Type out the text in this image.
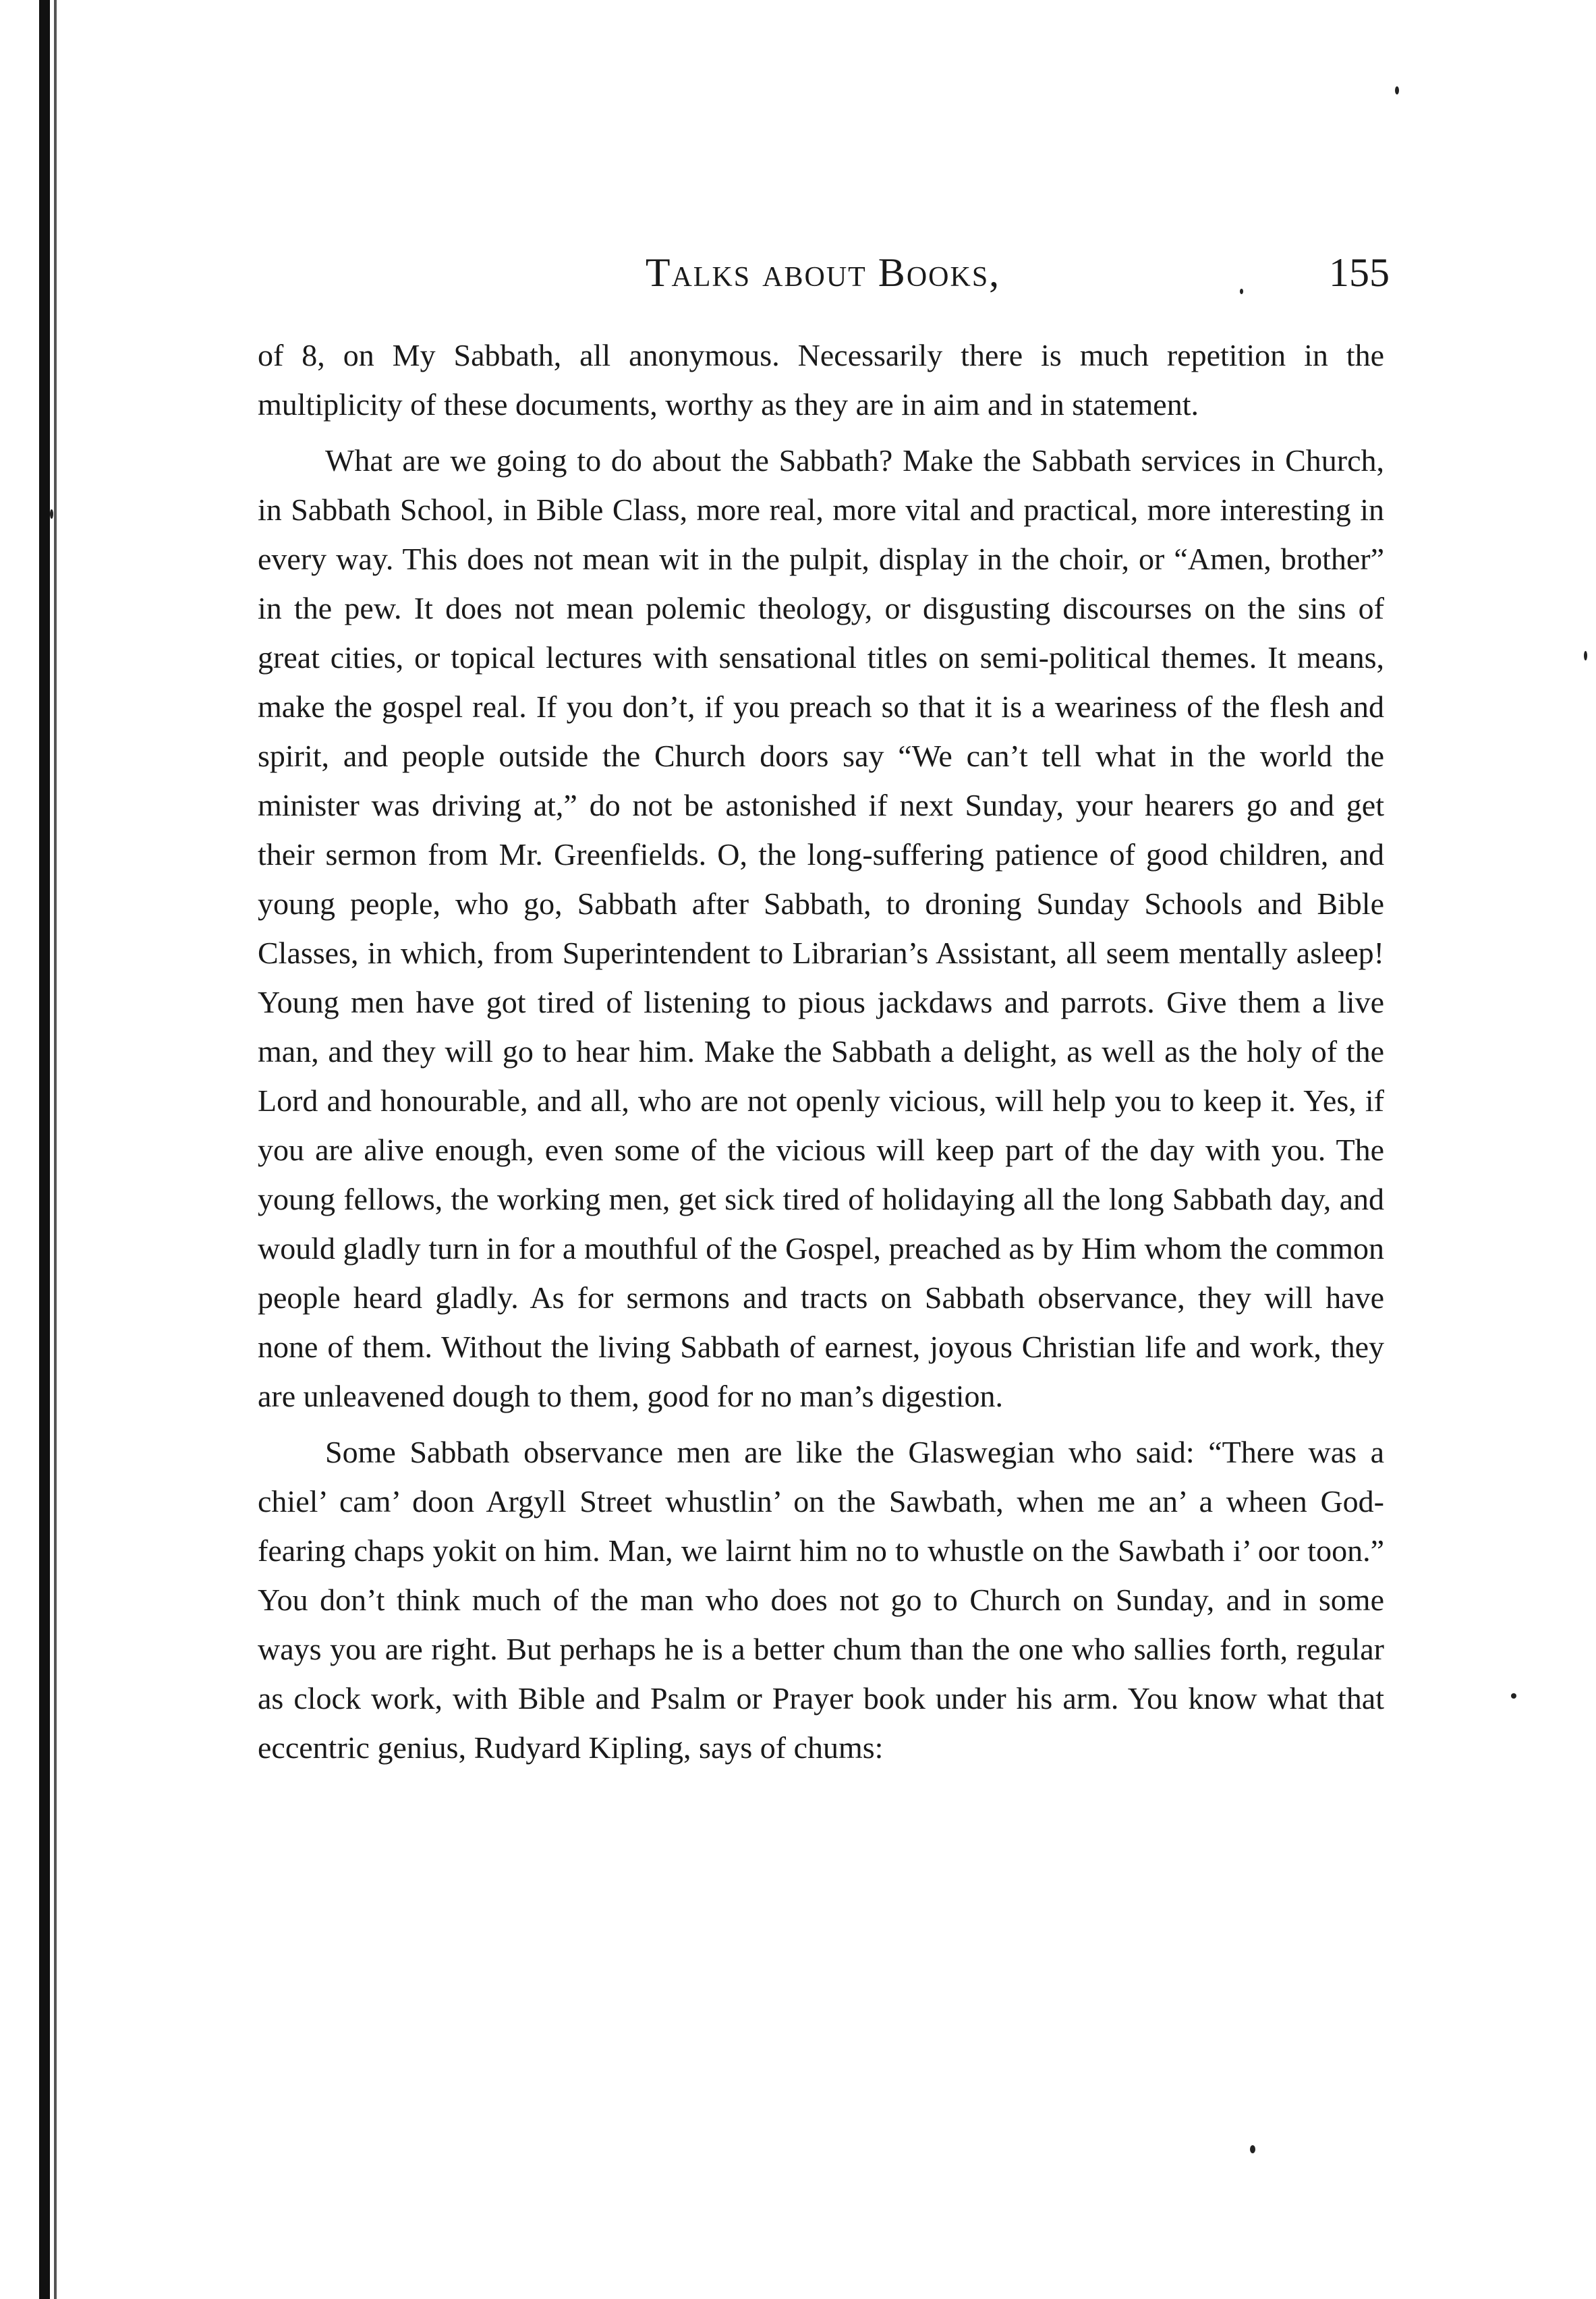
Talks about Books,	155

of 8, on My Sabbath, all anonymous. Necessarily there is much repetition in the multiplicity of these documents, worthy as they are in aim and in statement.

What are we going to do about the Sabbath? Make the Sabbath services in Church, in Sabbath School, in Bible Class, more real, more vital and practical, more interesting in every way. This does not mean wit in the pulpit, display in the choir, or “Amen, brother” in the pew. It does not mean polemic theology, or disgusting discourses on the sins of great cities, or topical lectures with sensational titles on semi-political themes. It means, make the gospel real. If you don’t, if you preach so that it is a weariness of the flesh and spirit, and people outside the Church doors say “We can’t tell what in the world the minister was driving at,” do not be astonished if next Sunday, your hearers go and get their sermon from Mr. Greenfields. O, the long-suffering patience of good children, and young people, who go, Sabbath after Sabbath, to droning Sunday Schools and Bible Classes, in which, from Superintendent to Librarian’s Assistant, all seem mentally asleep! Young men have got tired of listening to pious jackdaws and parrots. Give them a live man, and they will go to hear him. Make the Sabbath a delight, as well as the holy of the Lord and honourable, and all, who are not openly vicious, will help you to keep it. Yes, if you are alive enough, even some of the vicious will keep part of the day with you. The young fellows, the working men, get sick tired of holidaying all the long Sabbath day, and would gladly turn in for a mouthful of the Gospel, preached as by Him whom the common people heard gladly. As for sermons and tracts on Sabbath observance, they will have none of them. Without the living Sabbath of earnest, joyous Christian life and work, they are unleavened dough to them, good for no man’s digestion.

Some Sabbath observance men are like the Glaswegian who said: “There was a chiel’ cam’ doon Argyll Street whustlin’ on the Sawbath, when me an’ a wheen God-fearing chaps yokit on him. Man, we lairnt him no to whustle on the Sawbath i’ oor toon.” You don’t think much of the man who does not go to Church on Sunday, and in some ways you are right. But perhaps he is a better chum than the one who sallies forth, regular as clock work, with Bible and Psalm or Prayer book under his arm. You know what that eccentric genius, Rudyard Kipling, says of chums:
